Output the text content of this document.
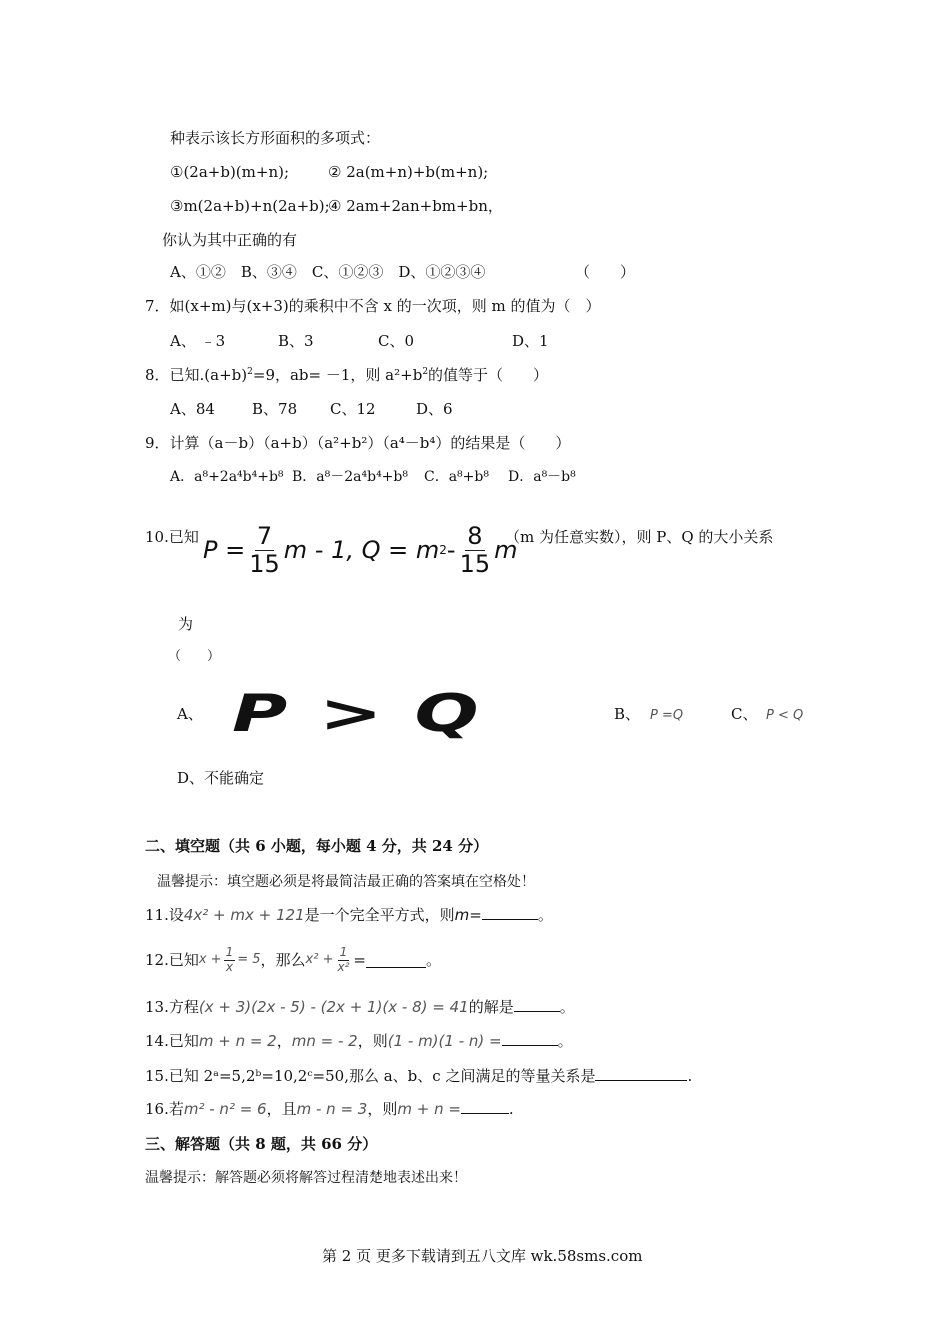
种表示该长方形面积的多项式：
①(2a+b)(m+n);	② 2a(m+n)+b(m+n);
③m(2a+b)+n(2a+b);
④ 2am+2an+bm+bn，
你认为其中正确的有
A、①②　B、③④　C、①②③　D、①②③④	（　　）
7．如(x+m)与(x+3)的乘积中不含 x 的一次项，则 m 的值为（　）
A、 ﹣3	B、3	C、0	D、1
8．已知$.(a+b)^2=9$，ab= －1，则 $a^2+b^2$的值等于（　　）
A、84 B、78 C、12	D、6
9．计算（a－b）（a+b）（a²+b²）（a⁴－b⁴）的结果是（　　）
A．a⁸+2a⁴b⁴+b⁸ B．a⁸－2a⁴b⁴+b⁸ C．a⁸+b⁸ D．a⁸－b⁸
10.已知 P
= $\frac{7}{15}$ m - 1,
Q
= m $2 - \frac{8}{15}$ m
（m 为任意实数），则 P、Q 的大小关系
为
（　　）
A、 P > Q	B、 P =Q	C、 P < Q
D、不能确定
二、填空题（共 6 小题，每小题 4 分，共 24 分）
温馨提示：填空题必须是将最简洁最正确的答案填在空格处！
11.设4x² + mx + 121是一个完全平方式，则m=	。
12.已知 $x + \frac{1}{x} = 5$ ，那么 $x^2 + \frac{1}{\text{x²}}$ =	。
13.方程(x + 3)(2x - 5) - (2x + 1)(x - 8) = 41的解是	。
14.已知m + n = 2，mn = - 2，则(1 - m)(1 - n) =	。
15.已知 2ᵃ=5,2ᵇ=10,2ᶜ=50,那么 a、b、c 之间满足的等量关系是	.
16.若m² - n² = 6，且m - n = 3，则m + n =	.
三、解答题（共 8 题，共 66 分）
温馨提示：解答题必须将解答过程清楚地表述出来！
第 2 页 更多下载请到五八文库 wk.58sms.com
